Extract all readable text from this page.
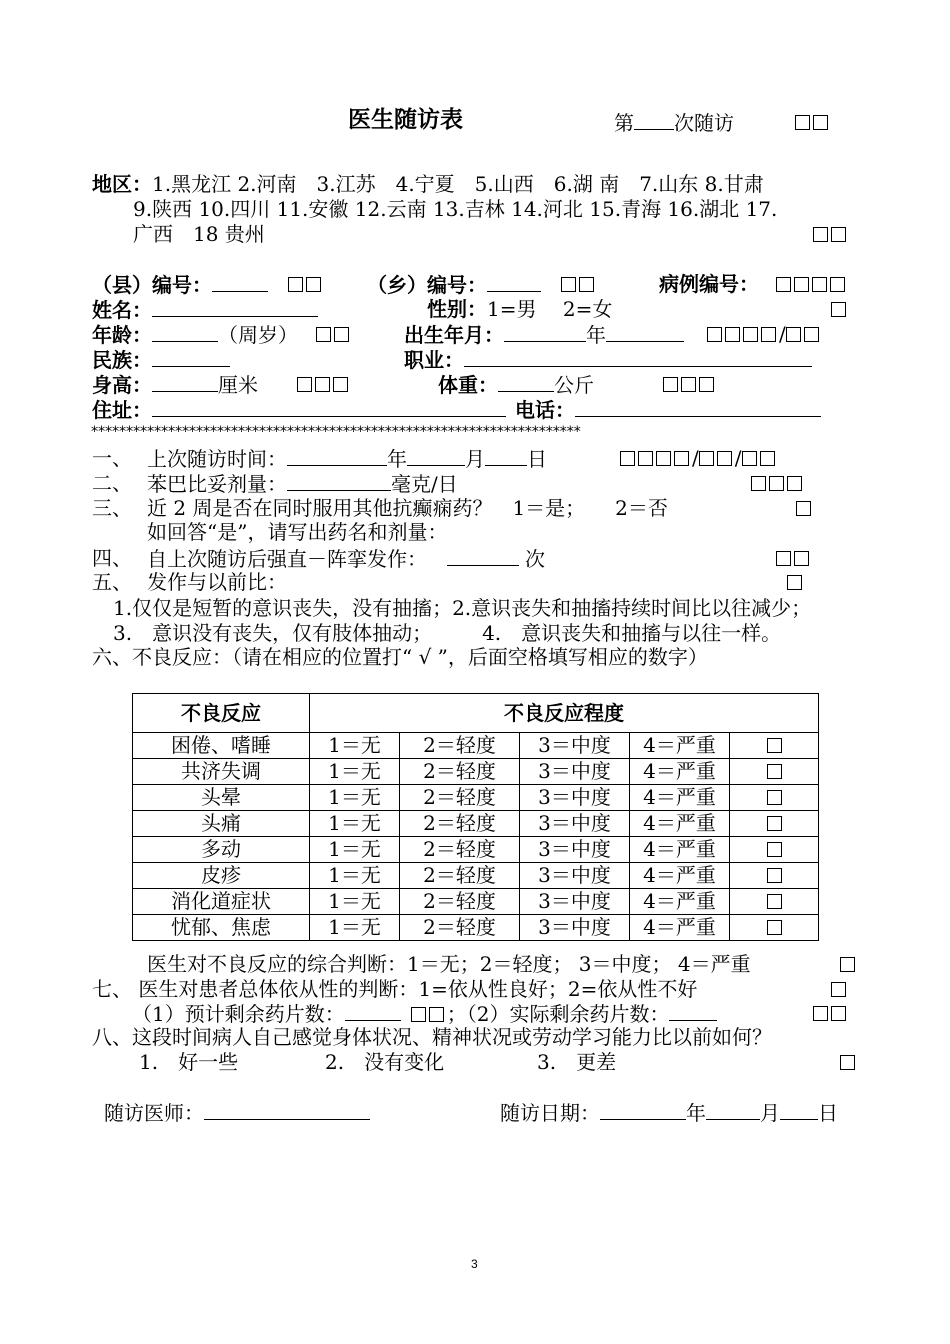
医生随访表	第 次随访
地区：1.黑龙江 2.河南　3.江苏　4.宁夏　5.山西　6.湖 南　7.山东 8.甘肃
9.陕西 10.四川 11.安徽 12.云南 13.吉林 14.河北 15.青海 16.湖北 17.
广西　18 贵州
（县）编号：	（乡）编号：	病例编号：
姓名：	性别：1=男　 2=女
年龄：	（周岁）	出生年月：	年	/
民族：	职业：
身高：	厘米	体重：	公斤
住址：	电话：
**********************************************************************
一、 上次随访时间：	年	月 日	/ /
二、 苯巴比妥剂量：	毫克/日
三、 近 2 周是否在同时服用其他抗癫痫药？　1＝是；　　2＝否
如回答“是”，请写出药名和剂量：
四、 自上次随访后强直－阵挛发作：	次
五、 发作与以前比：
1.仅仅是短暂的意识丧失，没有抽搐；2.意识丧失和抽搐持续时间比以往减少；
3.　意识没有丧失，仅有肢体抽动；　　　4.　意识丧失和抽搐与以往一样。
六、不良反应：（请在相应的位置打“ √ ”，后面空格填写相应的数字）
不良反应	不良反应程度				
困倦、嗜睡	1＝无	2＝轻度	3＝中度	4＝严重	
共济失调	1＝无	2＝轻度	3＝中度	4＝严重	
头晕	1＝无	2＝轻度	3＝中度	4＝严重	
头痛	1＝无	2＝轻度	3＝中度	4＝严重	
多动	1＝无	2＝轻度	3＝中度	4＝严重	
皮疹	1＝无	2＝轻度	3＝中度	4＝严重	
消化道症状	1＝无	2＝轻度	3＝中度	4＝严重	
忧郁、焦虑	1＝无	2＝轻度	3＝中度	4＝严重	
医生对不良反应的综合判断：1＝无；2＝轻度； 3＝中度； 4＝严重
七、 医生对患者总体依从性的判断：1=依从性良好；2=依从性不好
（1）预计剩余药片数：	；（2）实际剩余药片数：
八、这段时间病人自己感觉身体状况、精神状况或劳动学习能力比以前如何？
1.　好一些	2.　没有变化	3.　更差
随访医师：	随访日期：	年	月 日
3
